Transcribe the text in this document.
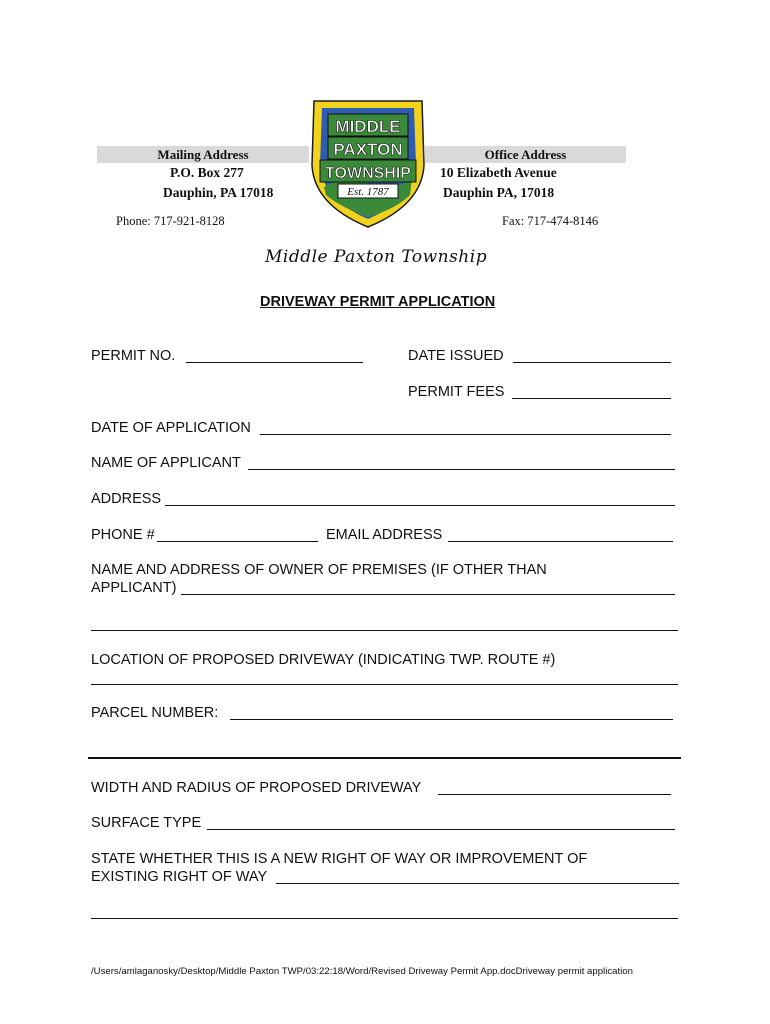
Mailing Address	Office Address
P.O. Box 277
Dauphin, PA 17018
10 Elizabeth Avenue
Dauphin PA, 17018
Phone: 717-921-8128	Fax: 717-474-8146
MIDDLE
PAXTON
TOWNSHIP
Est. 1787
Middle Paxton Township
DRIVEWAY PERMIT APPLICATION
PERMIT NO.	DATE ISSUED
PERMIT FEES
DATE OF APPLICATION
NAME OF APPLICANT
ADDRESS
PHONE #	EMAIL ADDRESS
NAME AND ADDRESS OF OWNER OF PREMISES (IF OTHER THAN
APPLICANT)
LOCATION OF PROPOSED DRIVEWAY (INDICATING TWP. ROUTE #)
PARCEL NUMBER:
WIDTH AND RADIUS OF PROPOSED DRIVEWAY
SURFACE TYPE
STATE WHETHER THIS IS A NEW RIGHT OF WAY OR IMPROVEMENT OF
EXISTING RIGHT OF WAY
/Users/amlaganosky/Desktop/Middle Paxton TWP/03:22:18/Word/Revised Driveway Permit App.docDriveway permit application
